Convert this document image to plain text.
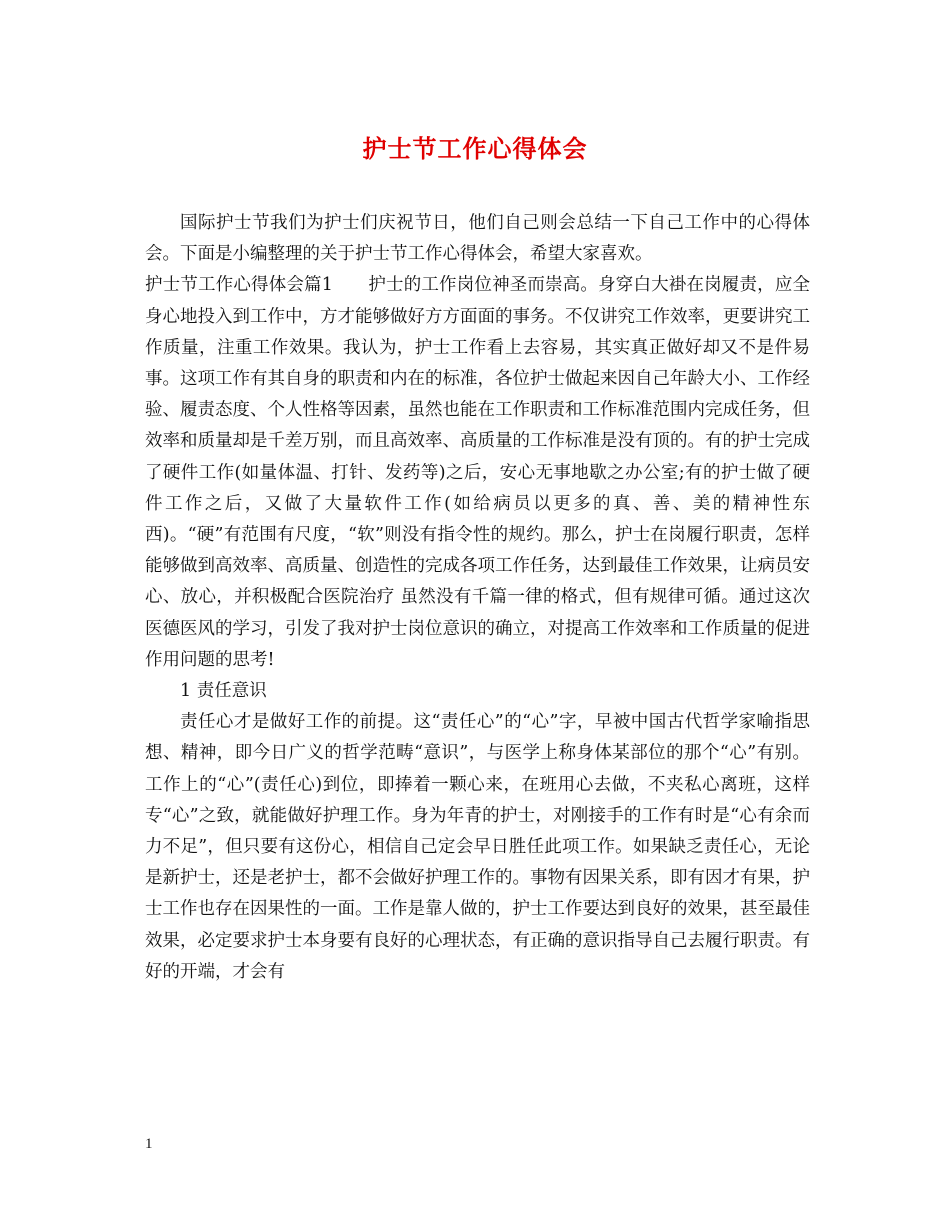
护士节工作心得体会

国际护士节我们为护士们庆祝节日，他们自己则会总结一下自己工作中的心得体会。下面是小编整理的关于护士节工作心得体会，希望大家喜欢。

护士节工作心得体会篇1　　护士的工作岗位神圣而崇高。身穿白大褂在岗履责，应全身心地投入到工作中，方才能够做好方方面面的事务。不仅讲究工作效率，更要讲究工作质量，注重工作效果。我认为，护士工作看上去容易，其实真正做好却又不是件易事。这项工作有其自身的职责和内在的标准，各位护士做起来因自己年龄大小、工作经验、履责态度、个人性格等因素，虽然也能在工作职责和工作标准范围内完成任务，但效率和质量却是千差万别，而且高效率、高质量的工作标准是没有顶的。有的护士完成了硬件工作(如量体温、打针、发药等)之后，安心无事地歇之办公室;有的护士做了硬件工作之后，又做了大量软件工作(如给病员以更多的真、善、美的精神性东西)。“硬”有范围有尺度，“软”则没有指令性的规约。那么，护士在岗履行职责，怎样能够做到高效率、高质量、创造性的完成各项工作任务，达到最佳工作效果，让病员安心、放心，并积极配合医院治疗 虽然没有千篇一律的格式，但有规律可循。通过这次医德医风的学习，引发了我对护士岗位意识的确立，对提高工作效率和工作质量的促进作用问题的思考!

1 责任意识

责任心才是做好工作的前提。这“责任心”的“心”字，早被中国古代哲学家喻指思想、精神，即今日广义的哲学范畴“意识”，与医学上称身体某部位的那个“心”有别。工作上的“心”(责任心)到位，即捧着一颗心来，在班用心去做，不夹私心离班，这样专“心”之致，就能做好护理工作。身为年青的护士，对刚接手的工作有时是“心有余而力不足”，但只要有这份心，相信自己定会早日胜任此项工作。如果缺乏责任心，无论是新护士，还是老护士，都不会做好护理工作的。事物有因果关系，即有因才有果，护士工作也存在因果性的一面。工作是靠人做的，护士工作要达到良好的效果，甚至最佳效果，必定要求护士本身要有良好的心理状态，有正确的意识指导自己去履行职责。有好的开端，才会有

1
